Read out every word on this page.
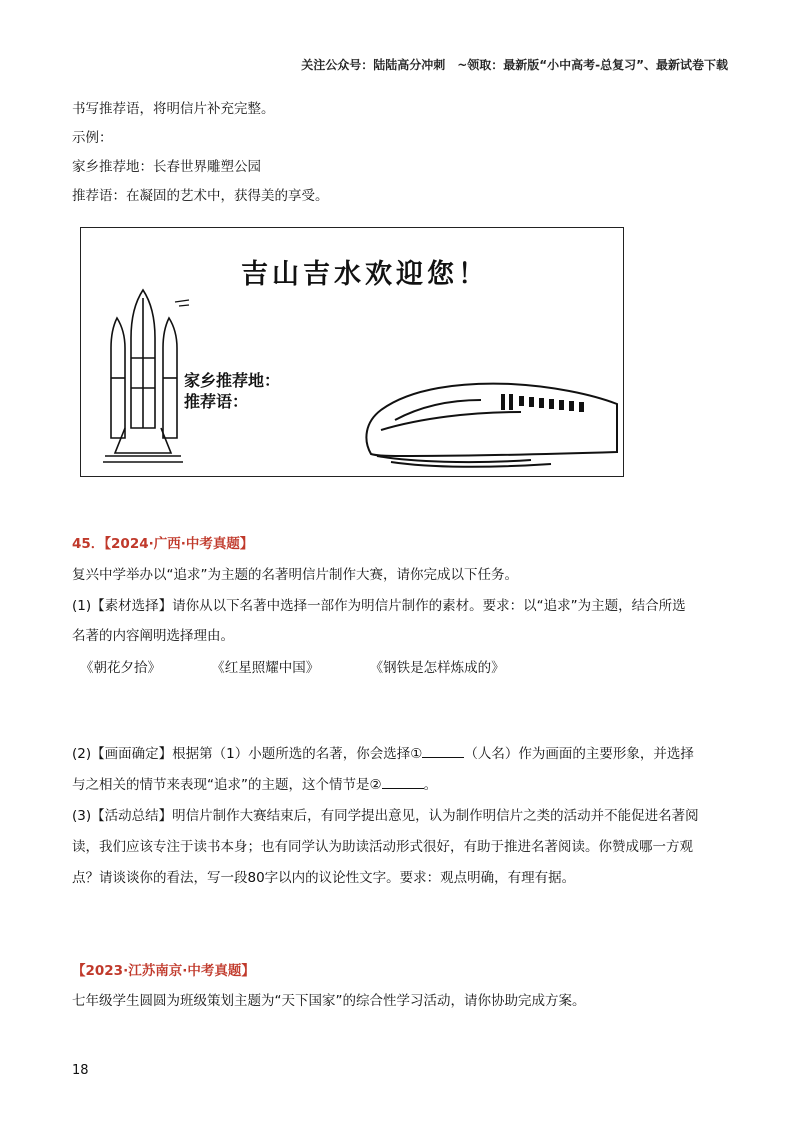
关注公众号：陆陆高分冲刺　~领取：最新版“小中高考-总复习”、最新试卷下载
书写推荐语，将明信片补充完整。
示例：
家乡推荐地：长春世界雕塑公园
推荐语：在凝固的艺术中，获得美的享受。
吉山吉水欢迎您！
家乡推荐地：
推荐语：
45．【2024·广西·中考真题】
复兴中学举办以“追求”为主题的名著明信片制作大赛，请你完成以下任务。
(1)【素材选择】请你从以下名著中选择一部作为明信片制作的素材。要求：以“追求”为主题，结合所选
名著的内容阐明选择理由。
《朝花夕拾》	《红星照耀中国》	《钢铁是怎样炼成的》
(2)【画面确定】根据第（1）小题所选的名著，你会选择①	（人名）作为画面的主要形象，并选择
与之相关的情节来表现“追求”的主题，这个情节是②	。
(3)【活动总结】明信片制作大赛结束后，有同学提出意见，认为制作明信片之类的活动并不能促进名著阅
读，我们应该专注于读书本身；也有同学认为助读活动形式很好，有助于推进名著阅读。你赞成哪一方观
点？请谈谈你的看法，写一段80字以内的议论性文字。要求：观点明确，有理有据。
【2023·江苏南京·中考真题】
七年级学生圆圆为班级策划主题为“天下国家”的综合性学习活动，请你协助完成方案。
18
